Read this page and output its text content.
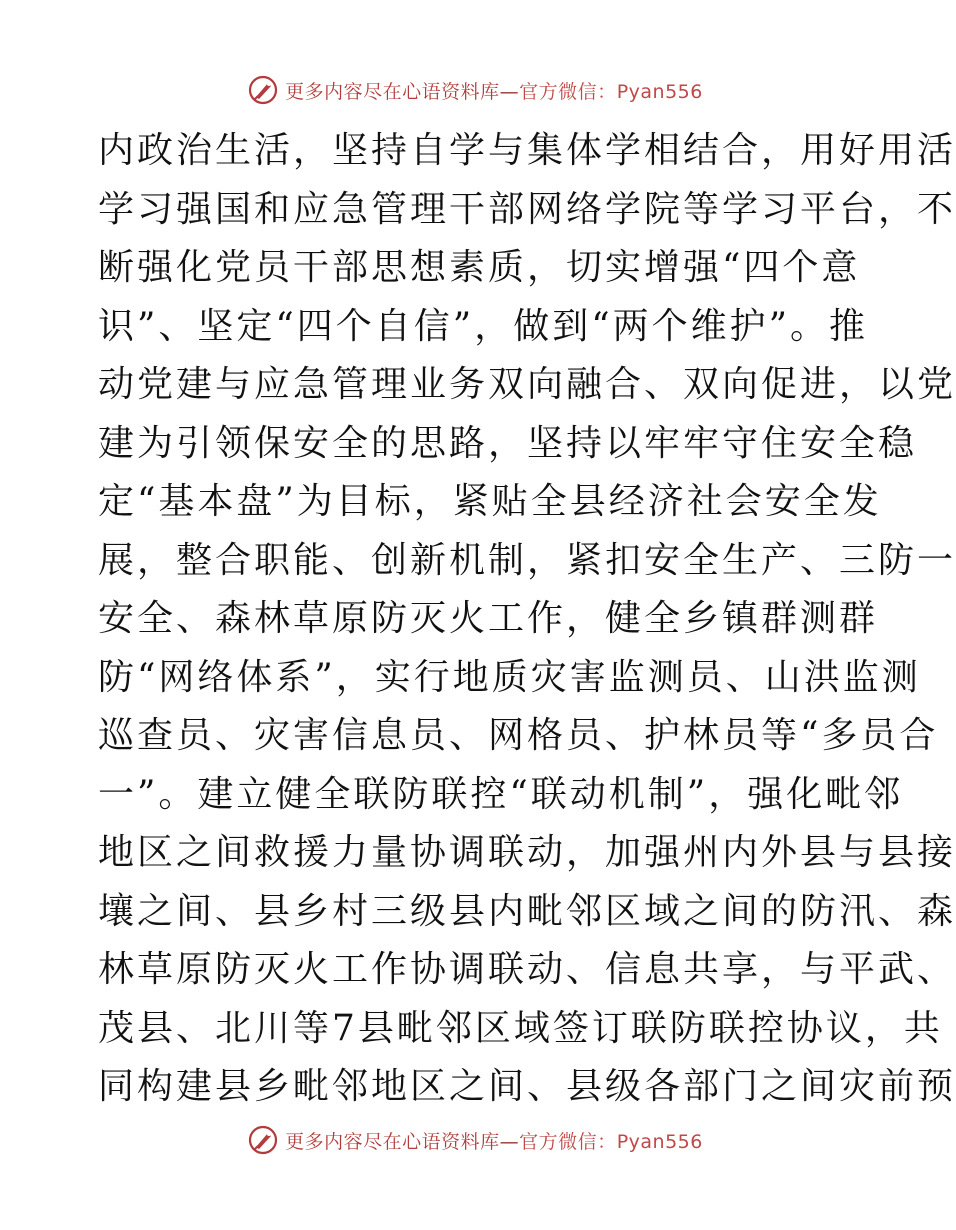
更多内容尽在心语资料库—官方微信：Pyan556
内政治生活，坚持自学与集体学相结合，用好用活
学习强国和应急管理干部网络学院等学习平台，不
断强化党员干部思想素质，切实增强“四个意
识”、坚定“四个自信”，做到“两个维护”。推
动党建与应急管理业务双向融合、双向促进，以党
建为引领保安全的思路，坚持以牢牢守住安全稳
定“基本盘”为目标，紧贴全县经济社会安全发
展，整合职能、创新机制，紧扣安全生产、三防一
安全、森林草原防灭火工作，健全乡镇群测群
防“网络体系”，实行地质灾害监测员、山洪监测
巡查员、灾害信息员、网格员、护林员等“多员合
一”。建立健全联防联控“联动机制”，强化毗邻
地区之间救援力量协调联动，加强州内外县与县接
壤之间、县乡村三级县内毗邻区域之间的防汛、森
林草原防灭火工作协调联动、信息共享，与平武、
茂县、北川等7县毗邻区域签订联防联控协议，共
同构建县乡毗邻地区之间、县级各部门之间灾前预
更多内容尽在心语资料库—官方微信：Pyan556
